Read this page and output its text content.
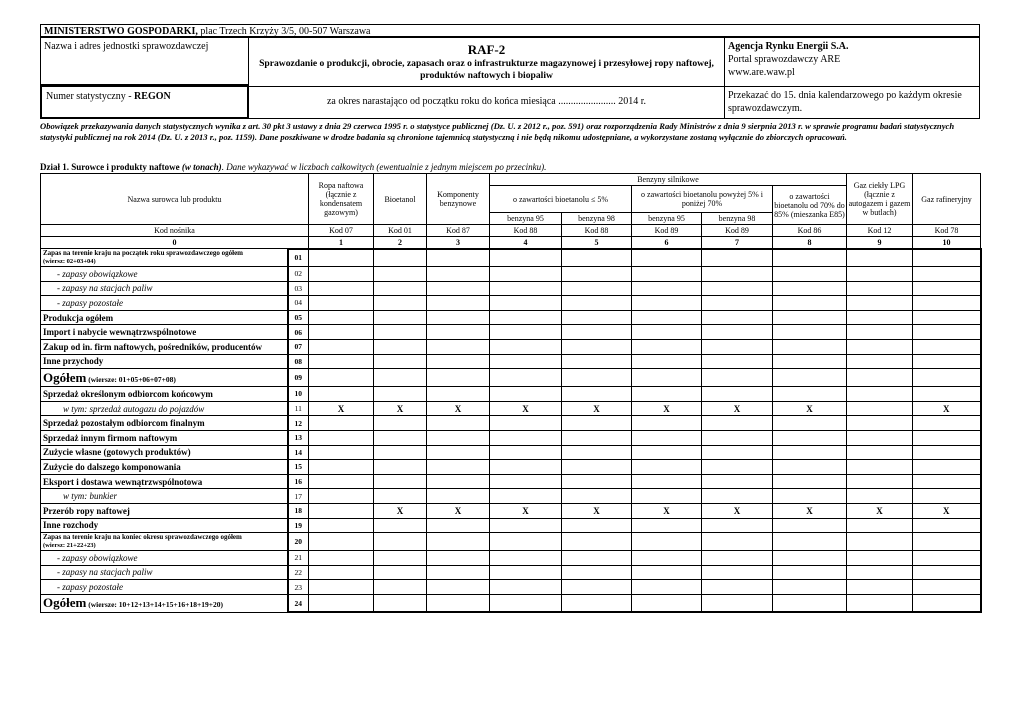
MINISTERSTWO GOSPODARKI, plac Trzech Krzyży 3/5, 00-507 Warszawa
Nazwa i adres jednostki sprawozdawczej
Numer statystyczny - REGON
RAF-2
Sprawozdanie o produkcji, obrocie, zapasach oraz o infrastrukturze magazynowej i przesyłowej ropy naftowej, produktów naftowych i biopaliw
za okres narastająco od początku roku do końca miesiąca ....................... 2014 r.
Agencja Rynku Energii S.A.
Portal sprawozdawczy ARE
www.are.waw.pl
Przekazać do 15. dnia kalendarzowego po każdym okresie sprawozdawczym.
Obowiązek przekazywania danych statystycznych wynika z art. 30 pkt 3 ustawy z dnia 29 czerwca 1995 r. o statystyce publicznej (Dz. U. z 2012 r., poz. 591) oraz rozporządzenia Rady Ministrów z dnia 9 sierpnia 2013 r. w sprawie programu badań statystycznych statystyki publicznej na rok 2014 (Dz. U. z 2013 r., poz. 1159). Dane poszkiwane w drodze badania są chronione tajemnicą statystyczną i nie będą nikomu udostępniane, a wykorzystane zostaną wyłącznie do zbiorczych opracowań.
Dział 1. Surowce i produkty naftowe (w tonach). Dane wykazywać w liczbach całkowitych (ewentualnie z jednym miejscem po przecinku).
Nazwa surowca lub produktu		Ropa naftowa (łącznie z kondensatem gazowym)	Bioetanol	Komponenty benzynowe	Benzyny silnikowe					Gaz ciekły LPG (łącznie z autogazem i gazem w butlach)	Gaz rafineryjny
					o zawartości bioetanolu ≤ 5%		o zawartości bioetanolu powyżej 5% i poniżej 70%		o zawartości bioetanolu od 70% do 85% (mieszanka E85)		
					benzyna 95	benzyna 98	benzyna 95	benzyna 98			
Kod nośnika		Kod 07	Kod 01	Kod 87	Kod 88	Kod 88	Kod 89	Kod 89	Kod 86	Kod 12	Kod 78
0		1	2	3	4	5	6	7	8	9	10
Zapas na terenie kraju na początek roku sprawozdawczego ogółem
(wiersz: 02+03+04)	01										
- zapasy obowiązkowe	02										
- zapasy na stacjach paliw	03										
- zapasy pozostałe	04										
Produkcja ogółem	05										
Import i nabycie wewnątrzwspólnotowe	06										
Zakup od in. firm naftowych, pośredników, producentów	07										
Inne przychody	08										
Ogółem (wiersze: 01+05+06+07+08)	09										
Sprzedaż określonym odbiorcom końcowym	10										
w tym: sprzedaż autogazu do pojazdów	11	X	X	X	X	X	X	X	X		X
Sprzedaż pozostałym odbiorcom finalnym	12										
Sprzedaż innym firmom naftowym	13										
Zużycie własne (gotowych produktów)	14										
Zużycie do dalszego komponowania	15										
Eksport i dostawa wewnątrzwspólnotowa	16										
w tym: bunkier	17										
Przerób ropy naftowej	18		X	X	X	X	X	X	X	X	X
Inne rozchody	19										
Zapas na terenie kraju na koniec okresu sprawozdawczego ogółem
(wiersz: 21+22+23)	20										
- zapasy obowiązkowe	21										
- zapasy na stacjach paliw	22										
- zapasy pozostałe	23										
Ogółem (wiersze: 10+12+13+14+15+16+18+19+20)	24										
